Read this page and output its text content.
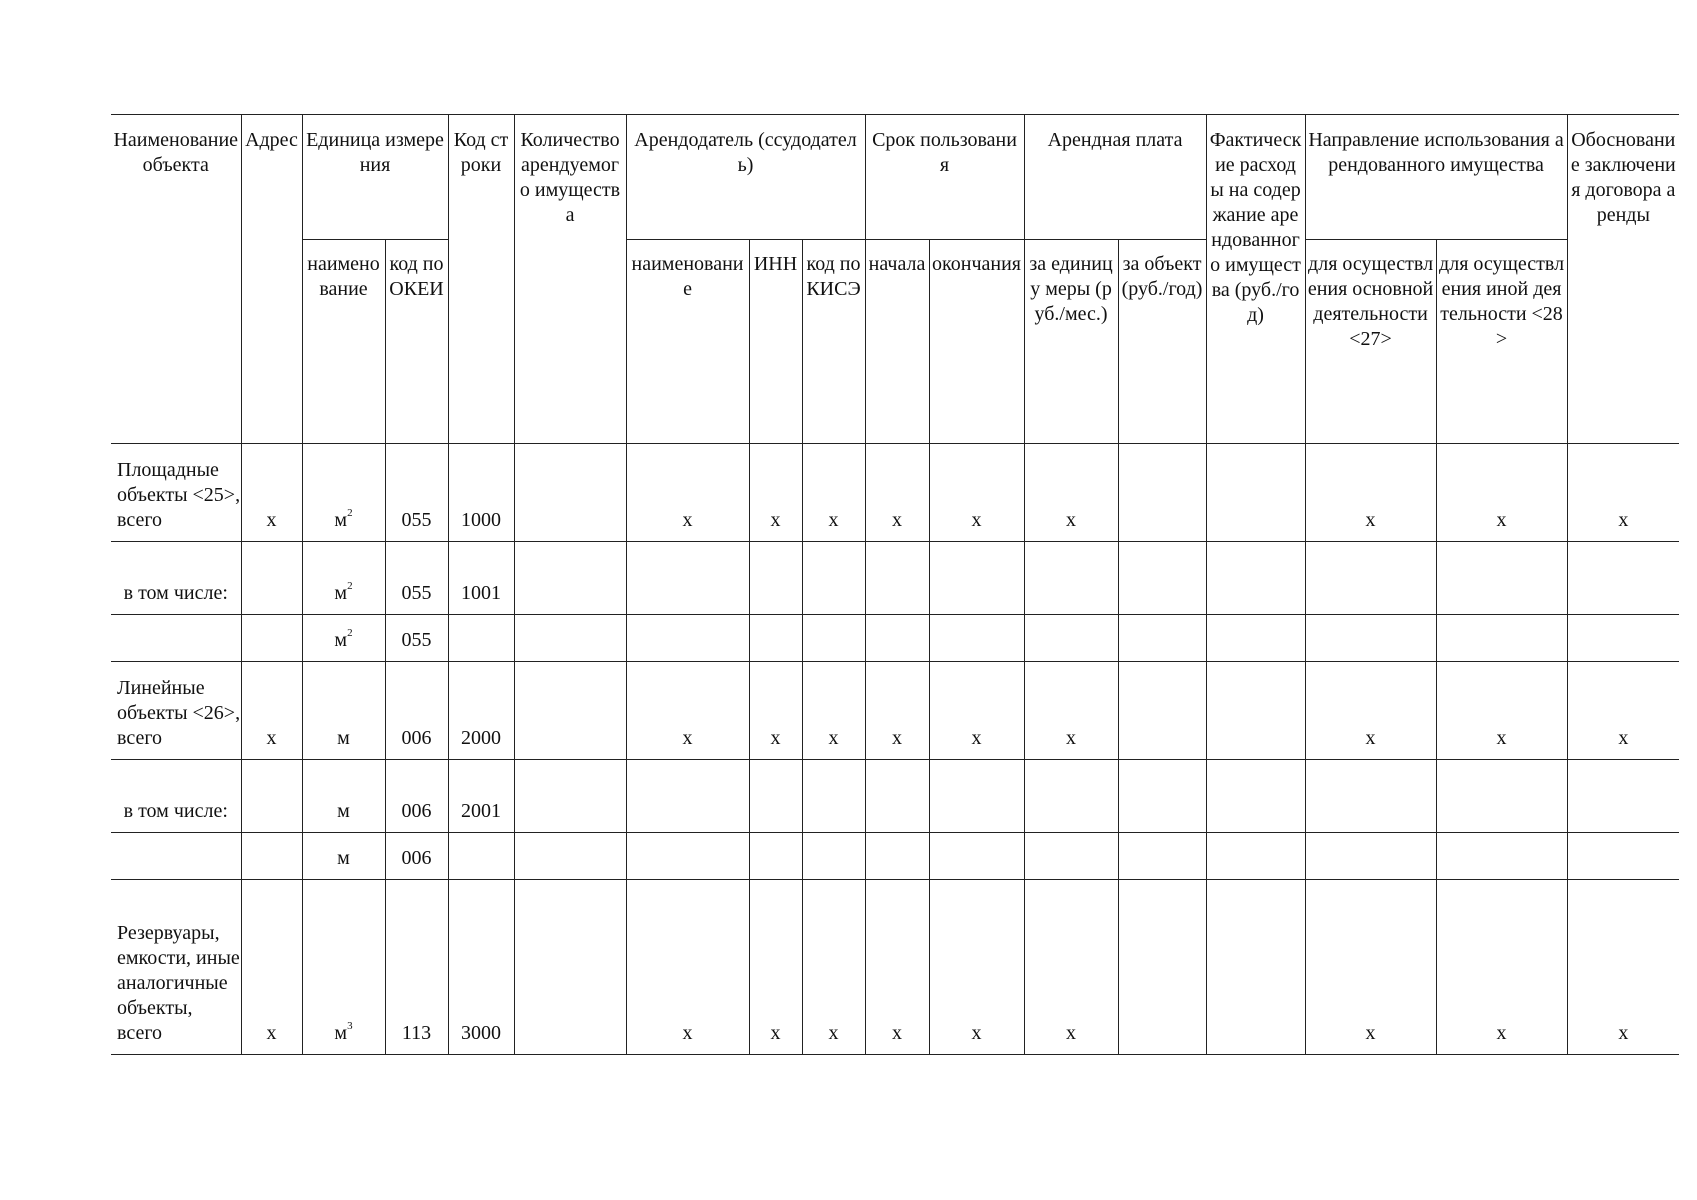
Наименование объекта	Адрес	Единица измерения		Код строки	Количество арендуемого имущества	Арендодатель (ссудодатель)			Срок пользования		Арендная плата		Фактические расходы на содержание арендованного имущества (руб./год)	Направление использования арендованного имущества		Обоснование заключения договора аренды
		наименование	код по ОКЕИ			наименование	ИНН	код по КИСЭ	начала	окончания	за единицу меры (руб./мес.)	за объект (руб./год)		для осуществления основной деятельности <27>	для осуществления иной деятельности <28>	
Площадные объекты <25>, всего	х	$м^2$	055	1000		х	х	х	х	х	х			х	х	х
в том числе:		$м^2$	055	1001												
		$м^2$	055													
Линейные объекты <26>, всего	х	м	006	2000		х	х	х	х	х	х			х	х	х
в том числе:		м	006	2001												
		м	006													
Резервуары, емкости, иные аналогичные объекты, всего	х	$м^3$	113	3000		х	х	х	х	х	х			х	х	х
